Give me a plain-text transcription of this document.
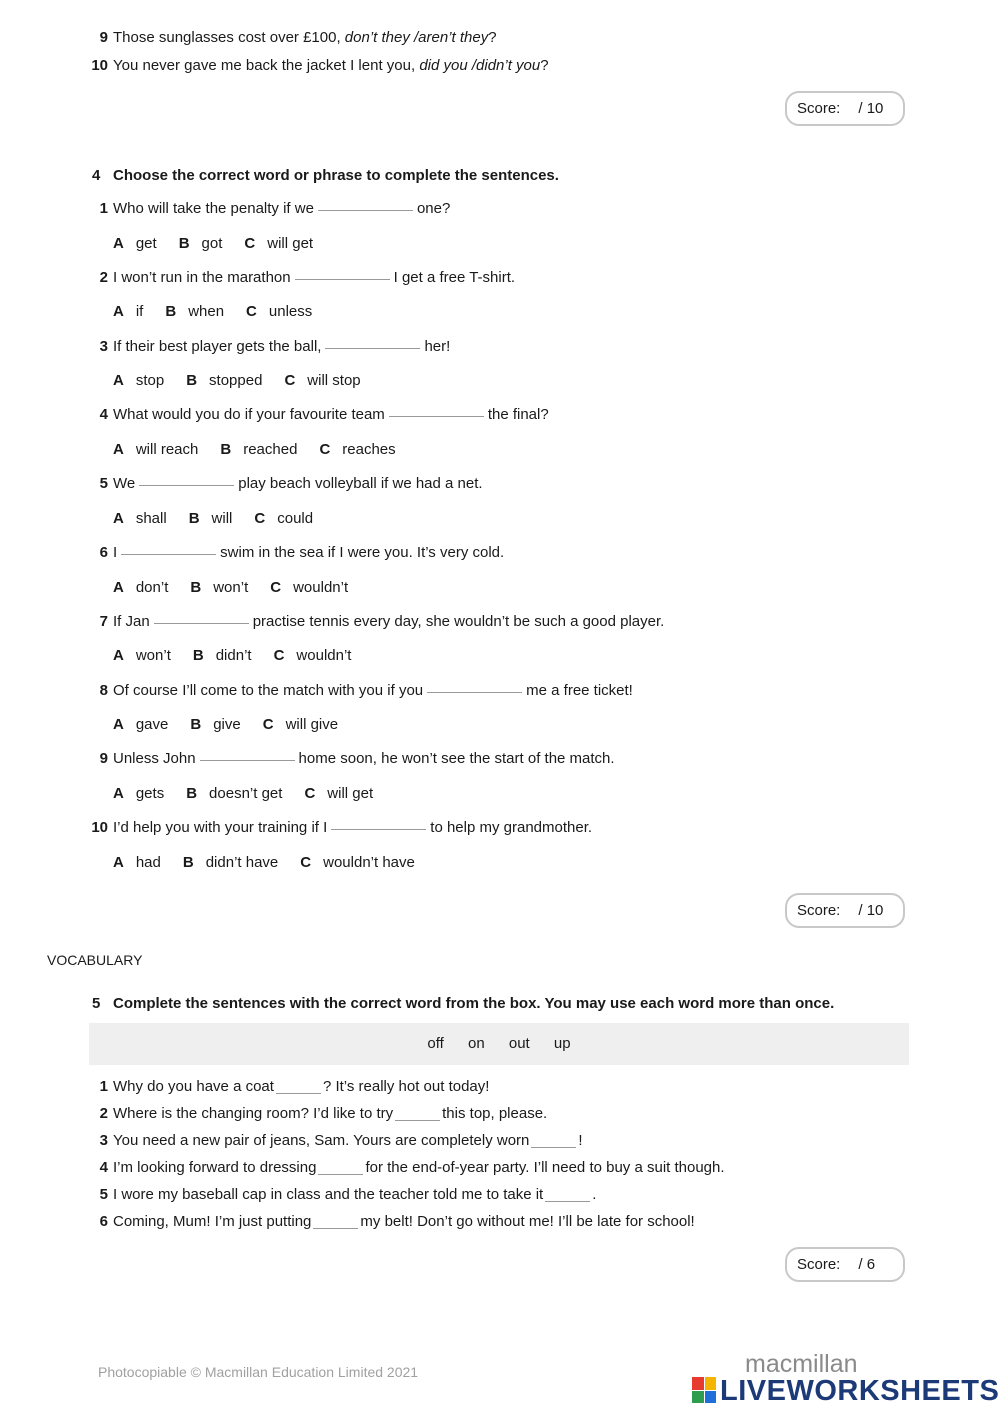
9 Those sunglasses cost over £100, don’t they /aren’t they?
10 You never gave me back the jacket I lent you, did you /didn’t you?
Score: / 10
4 Choose the correct word or phrase to complete the sentences.
1 Who will take the penalty if we	one?
A get B got C will get
2 I won’t run in the marathon	I get a free T-shirt.
A if B when C unless
3 If their best player gets the ball,	her!
A stop B stopped C will stop
4 What would you do if your favourite team	the final?
A will reach B reached C reaches
5 We	play beach volleyball if we had a net.
A shall B will C could
6 I	swim in the sea if I were you. It’s very cold.
A don’t B won’t C wouldn’t
7 If Jan	practise tennis every day, she wouldn’t be such a good player.
A won’t B didn’t C wouldn’t
8 Of course I’ll come to the match with you if you	me a free ticket!
A gave B give C will give
9 Unless John	home soon, he won’t see the start of the match.
A gets B doesn’t get C will get
10 I’d help you with your training if I	to help my grandmother.
A had B didn’t have C wouldn’t have
Score: / 10
VOCABULARY
5 Complete the sentences with the correct word from the box. You may use each word more than once.
off on out up
1 Why do you have a coat	? It’s really hot out today!
2 Where is the changing room? I’d like to try	this top, please.
3 You need a new pair of jeans, Sam. Yours are completely worn	!
4 I’m looking forward to dressing	for the end-of-year party. I’ll need to buy a suit though.
5 I wore my baseball cap in class and the teacher told me to take it	.
6 Coming, Mum! I’m just putting	my belt! Don’t go without me! I’ll be late for school!
Score: / 6
Photocopiable © Macmillan Education Limited 2021	macmillan
LIVEWORKSHEETS
